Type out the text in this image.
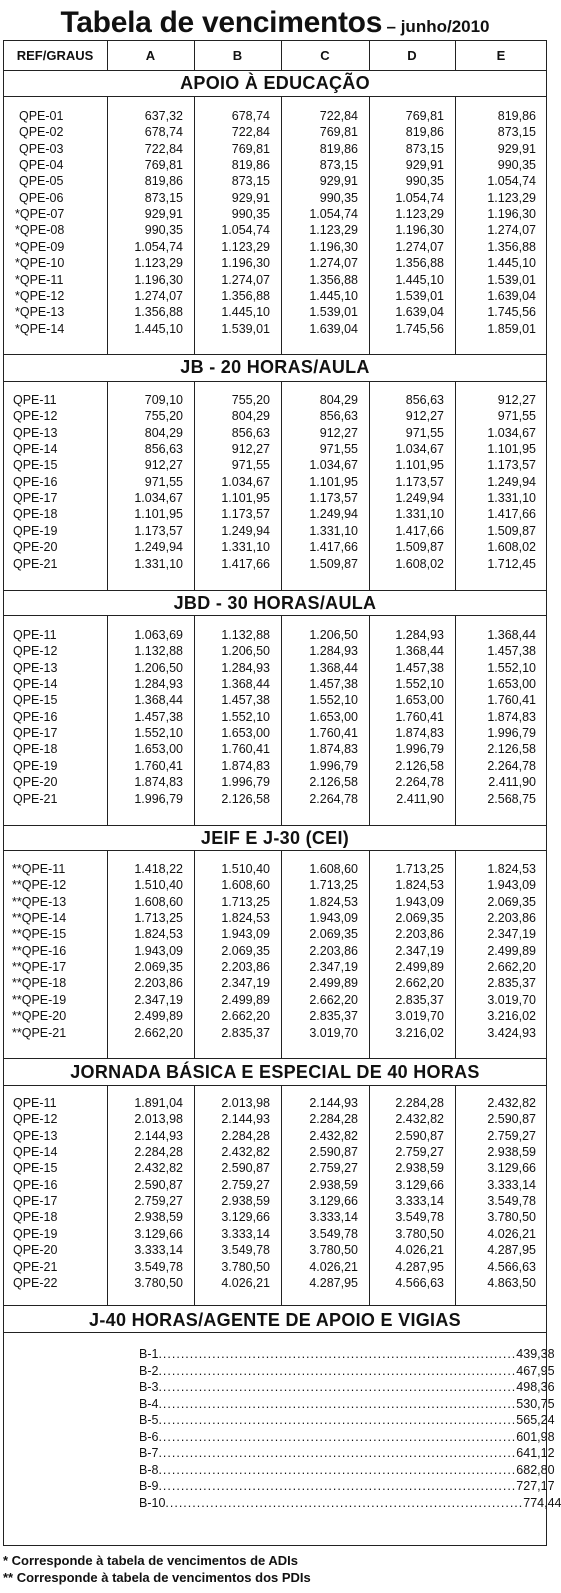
Tabela de vencimentos – junho/2010
REF/GRAUS	A	B	C	D	E
APOIO À EDUCAÇÃO
QPE-01	637,32	678,74	722,84	769,81	819,86
QPE-02	678,74	722,84	769,81	819,86	873,15
QPE-03	722,84	769,81	819,86	873,15	929,91
QPE-04	769,81	819,86	873,15	929,91	990,35
QPE-05	819,86	873,15	929,91	990,35	1.054,74
QPE-06	873,15	929,91	990,35	1.054,74	1.123,29
*QPE-07	929,91	990,35	1.054,74	1.123,29	1.196,30
*QPE-08	990,35	1.054,74	1.123,29	1.196,30	1.274,07
*QPE-09	1.054,74	1.123,29	1.196,30	1.274,07	1.356,88
*QPE-10	1.123,29	1.196,30	1.274,07	1.356,88	1.445,10
*QPE-11	1.196,30	1.274,07	1.356,88	1.445,10	1.539,01
*QPE-12	1.274,07	1.356,88	1.445,10	1.539,01	1.639,04
*QPE-13	1.356,88	1.445,10	1.539,01	1.639,04	1.745,56
*QPE-14	1.445,10	1.539,01	1.639,04	1.745,56	1.859,01
JB - 20 HORAS/AULA
QPE-11	709,10	755,20	804,29	856,63	912,27
QPE-12	755,20	804,29	856,63	912,27	971,55
QPE-13	804,29	856,63	912,27	971,55	1.034,67
QPE-14	856,63	912,27	971,55	1.034,67	1.101,95
QPE-15	912,27	971,55	1.034,67	1.101,95	1.173,57
QPE-16	971,55	1.034,67	1.101,95	1.173,57	1.249,94
QPE-17	1.034,67	1.101,95	1.173,57	1.249,94	1.331,10
QPE-18	1.101,95	1.173,57	1.249,94	1.331,10	1.417,66
QPE-19	1.173,57	1.249,94	1.331,10	1.417,66	1.509,87
QPE-20	1.249,94	1.331,10	1.417,66	1.509,87	1.608,02
QPE-21	1.331,10	1.417,66	1.509,87	1.608,02	1.712,45
JBD - 30 HORAS/AULA
QPE-11	1.063,69	1.132,88	1.206,50	1.284,93	1.368,44
QPE-12	1.132,88	1.206,50	1.284,93	1.368,44	1.457,38
QPE-13	1.206,50	1.284,93	1.368,44	1.457,38	1.552,10
QPE-14	1.284,93	1.368,44	1.457,38	1.552,10	1.653,00
QPE-15	1.368,44	1.457,38	1.552,10	1.653,00	1.760,41
QPE-16	1.457,38	1.552,10	1.653,00	1.760,41	1.874,83
QPE-17	1.552,10	1.653,00	1.760,41	1.874,83	1.996,79
QPE-18	1.653,00	1.760,41	1.874,83	1.996,79	2.126,58
QPE-19	1.760,41	1.874,83	1.996,79	2.126,58	2.264,78
QPE-20	1.874,83	1.996,79	2.126,58	2.264,78	2.411,90
QPE-21	1.996,79	2.126,58	2.264,78	2.411,90	2.568,75
JEIF E J-30 (CEI)
**QPE-11	1.418,22	1.510,40	1.608,60	1.713,25	1.824,53
**QPE-12	1.510,40	1.608,60	1.713,25	1.824,53	1.943,09
**QPE-13	1.608,60	1.713,25	1.824,53	1.943,09	2.069,35
**QPE-14	1.713,25	1.824,53	1.943,09	2.069,35	2.203,86
**QPE-15	1.824,53	1.943,09	2.069,35	2.203,86	2.347,19
**QPE-16	1.943,09	2.069,35	2.203,86	2.347,19	2.499,89
**QPE-17	2.069,35	2.203,86	2.347,19	2.499,89	2.662,20
**QPE-18	2.203,86	2.347,19	2.499,89	2.662,20	2.835,37
**QPE-19	2.347,19	2.499,89	2.662,20	2.835,37	3.019,70
**QPE-20	2.499,89	2.662,20	2.835,37	3.019,70	3.216,02
**QPE-21	2.662,20	2.835,37	3.019,70	3.216,02	3.424,93
JORNADA BÁSICA E ESPECIAL DE 40 HORAS
QPE-11	1.891,04	2.013,98	2.144,93	2.284,28	2.432,82
QPE-12	2.013,98	2.144,93	2.284,28	2.432,82	2.590,87
QPE-13	2.144,93	2.284,28	2.432,82	2.590,87	2.759,27
QPE-14	2.284,28	2.432,82	2.590,87	2.759,27	2.938,59
QPE-15	2.432,82	2.590,87	2.759,27	2.938,59	3.129,66
QPE-16	2.590,87	2.759,27	2.938,59	3.129,66	3.333,14
QPE-17	2.759,27	2.938,59	3.129,66	3.333,14	3.549,78
QPE-18	2.938,59	3.129,66	3.333,14	3.549,78	3.780,50
QPE-19	3.129,66	3.333,14	3.549,78	3.780,50	4.026,21
QPE-20	3.333,14	3.549,78	3.780,50	4.026,21	4.287,95
QPE-21	3.549,78	3.780,50	4.026,21	4.287,95	4.566,63
QPE-22	3.780,50	4.026,21	4.287,95	4.566,63	4.863,50
J-40 HORAS/AGENTE DE APOIO E VIGIAS
B-1 ................................................................................ 439,38
B-2 ................................................................................ 467,95
B-3 ................................................................................ 498,36
B-4 ................................................................................ 530,75
B-5 ................................................................................ 565,24
B-6 ................................................................................ 601,98
B-7 ................................................................................ 641,12
B-8 ................................................................................ 682,80
B-9 ................................................................................ 727,17
B-10 ................................................................................ 774,44
* Corresponde à tabela de vencimentos de ADIs
** Corresponde à tabela de vencimentos dos PDIs
